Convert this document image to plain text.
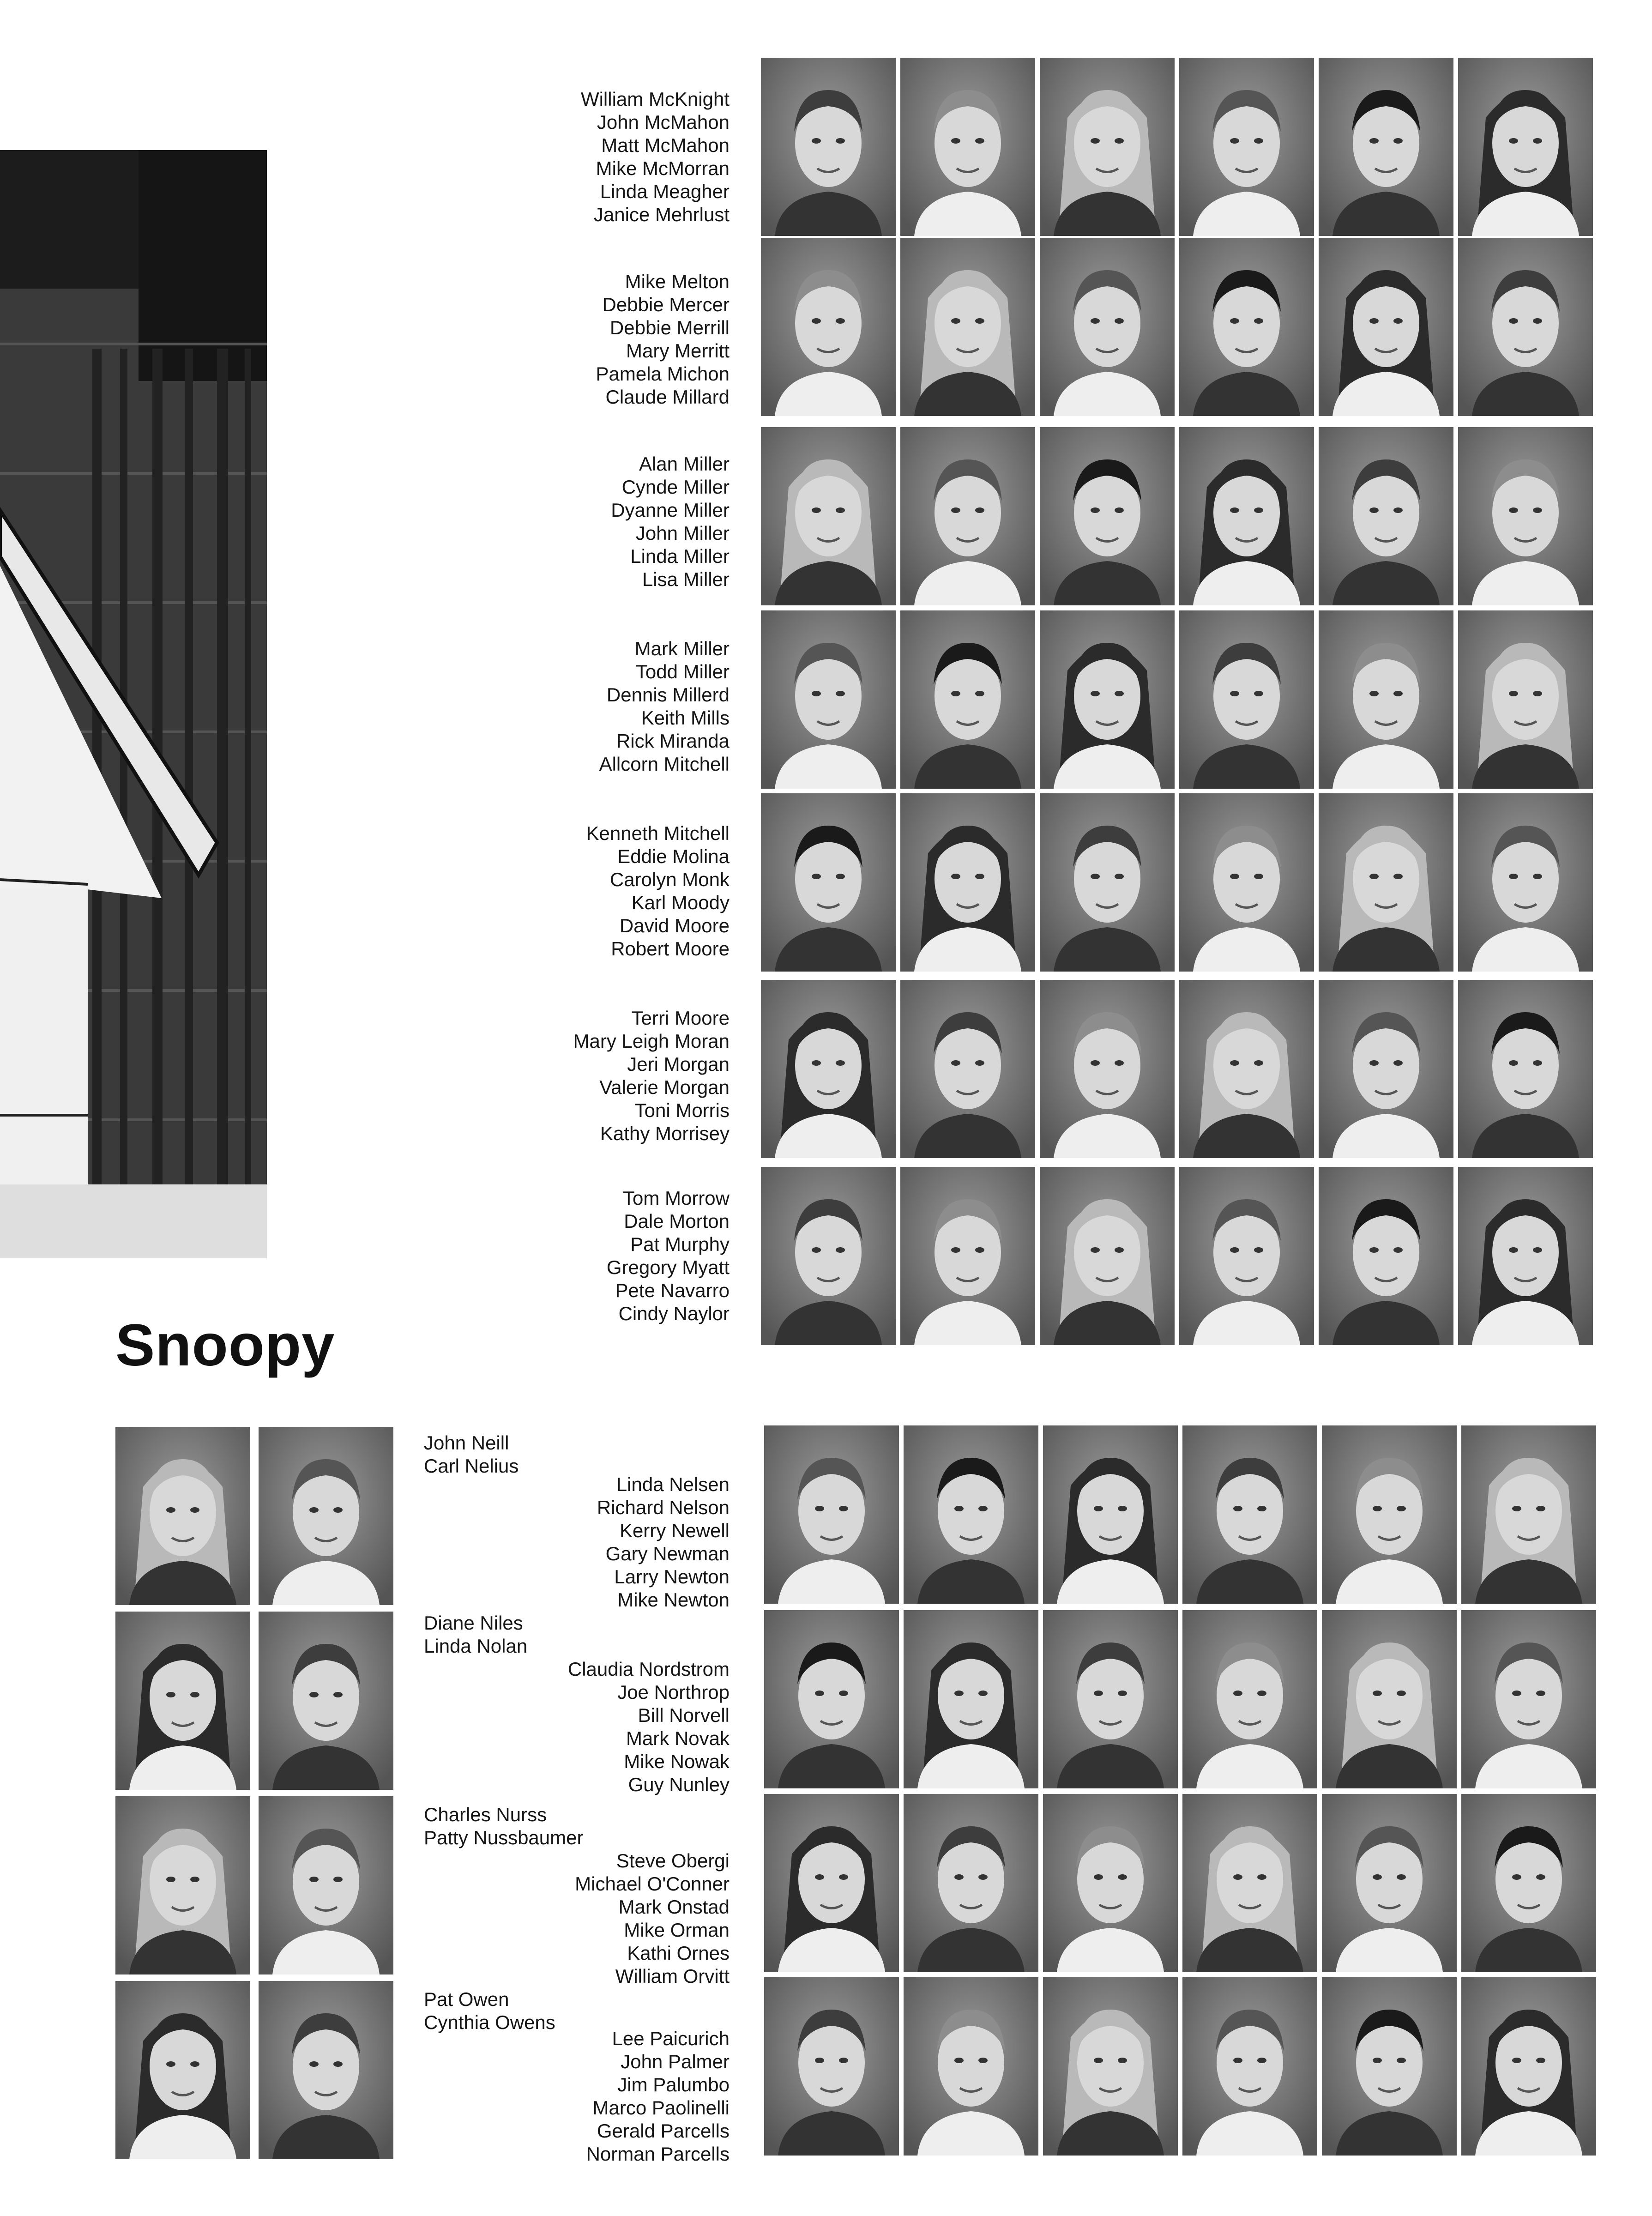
Snoopy
William McKnight
John McMahon
Matt McMahon
Mike McMorran
Linda Meagher
Janice Mehrlust
Mike Melton
Debbie Mercer
Debbie Merrill
Mary Merritt
Pamela Michon
Claude Millard
Alan Miller
Cynde Miller
Dyanne Miller
John Miller
Linda Miller
Lisa Miller
Mark Miller
Todd Miller
Dennis Millerd
Keith Mills
Rick Miranda
Allcorn Mitchell
Kenneth Mitchell
Eddie Molina
Carolyn Monk
Karl Moody
David Moore
Robert Moore
Terri Moore
Mary Leigh Moran
Jeri Morgan
Valerie Morgan
Toni Morris
Kathy Morrisey
Tom Morrow
Dale Morton
Pat Murphy
Gregory Myatt
Pete Navarro
Cindy Naylor
John Neill
Carl Nelius
Diane Niles
Linda Nolan
Charles Nurss
Patty Nussbaumer
Pat Owen
Cynthia Owens
Linda Nelsen
Richard Nelson
Kerry Newell
Gary Newman
Larry Newton
Mike Newton
Claudia Nordstrom
Joe Northrop
Bill Norvell
Mark Novak
Mike Nowak
Guy Nunley
Steve Obergi
Michael O'Conner
Mark Onstad
Mike Orman
Kathi Ornes
William Orvitt
Lee Paicurich
John Palmer
Jim Palumbo
Marco Paolinelli
Gerald Parcells
Norman Parcells
